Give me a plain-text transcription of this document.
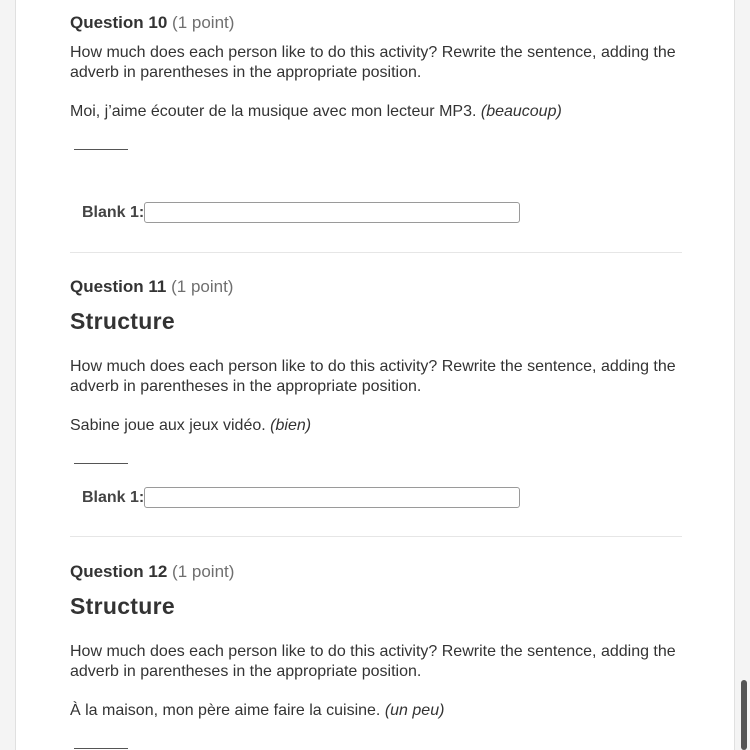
Question 10 (1 point)
How much does each person like to do this activity? Rewrite the sentence, adding the adverb in parentheses in the appropriate position.
Moi, j’aime écouter de la musique avec mon lecteur MP3. (beaucoup)
Blank 1:
Question 11 (1 point)
Structure
How much does each person like to do this activity? Rewrite the sentence, adding the adverb in parentheses in the appropriate position.
Sabine joue aux jeux vidéo. (bien)
Blank 1:
Question 12 (1 point)
Structure
How much does each person like to do this activity? Rewrite the sentence, adding the adverb in parentheses in the appropriate position.
À la maison, mon père aime faire la cuisine. (un peu)
